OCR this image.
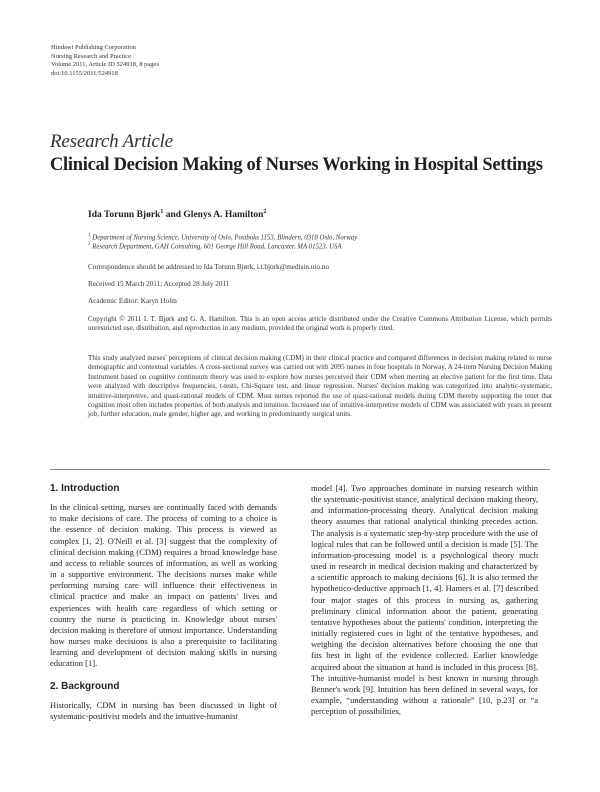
Hindawi Publishing Corporation
Nursing Research and Practice
Volume 2011, Article ID 524918, 8 pages
doi:10.1155/2011/524918
Research Article
Clinical Decision Making of Nurses Working in Hospital Settings
Ida Torunn Bjørk$^1$ and Glenys A. Hamilton$^2$
$^1$ Department of Nursing Science, University of Oslo, Postboks 1153, Blindern, 0318 Oslo, Norway
$^2$ Research Department, GAH Consulting, 601 George Hill Road, Lancaster, MA 01523, USA
Correspondence should be addressed to Ida Torunn Bjørk, i.t.bjork@medisin.uio.no
Received 15 March 2011; Accepted 28 July 2011
Academic Editor: Karyn Holm
Copyright © 2011 I. T. Bjørk and G. A. Hamilton. This is an open access article distributed under the Creative Commons Attribution License, which permits unrestricted use, distribution, and reproduction in any medium, provided the original work is properly cited.
This study analyzed nurses' perceptions of clinical decision making (CDM) in their clinical practice and compared differences in decision making related to nurse demographic and contextual variables. A cross-sectional survey was carried out with 2095 nurses in four hospitals in Norway. A 24-item Nursing Decision Making Instrument based on cognitive continuum theory was used to explore how nurses perceived their CDM when meeting an elective patient for the first time. Data were analyzed with descriptive frequencies, t-tests, Chi-Square test, and linear regression. Nurses' decision making was categorized into analytic-systematic, intuitive-interpretive, and quasi-rational models of CDM. Most nurses reported the use of quasi-rational models during CDM thereby supporting the tenet that cognition most often includes properties of both analysis and intuition. Increased use of intuitive-interpretive models of CDM was associated with years in present job, further education, male gender, higher age, and working in predominantly surgical units.
1. Introduction

In the clinical setting, nurses are continually faced with demands to make decisions of care. The process of coming to a choice is the essence of decision making. This process is viewed as complex [1, 2]. O'Neill et al. [3] suggest that the complexity of clinical decision making (CDM) requires a broad knowledge base and access to reliable sources of information, as well as working in a supportive environment. The decisions nurses make while performing nursing care will influence their effectiveness in clinical practice and make an impact on patients' lives and experiences with health care regardless of which setting or country the nurse is practicing in. Knowledge about nurses' decision making is therefore of utmost importance. Understanding how nurses make decisions is also a prerequisite to facilitating learning and development of decision making skills in nursing education [1].

2. Background

Historically, CDM in nursing has been discussed in light of systematic-positivist models and the intuitive-humanist

model [4]. Two approaches dominate in nursing research within the systematic-positivist stance, analytical decision making theory, and information-processing theory. Analytical decision making theory assumes that rational analytical thinking precedes action. The analysis is a systematic step-by-step procedure with the use of logical rules that can be followed until a decision is made [5]. The information-processing model is a psychological theory much used in research in medical decision making and characterized by a scientific approach to making decisions [6]. It is also termed the hypothetico-deductive approach [1, 4]. Hamers et al. [7] described four major stages of this process in nursing as, gathering preliminary clinical information about the patient, generating tentative hypotheses about the patients' condition, interpreting the initially registered cues in light of the tentative hypotheses, and weighing the decision alternatives before choosing the one that fits best in light of the evidence collected. Earlier knowledge acquired about the situation at hand is included in this process [8]. The intuitive-humanist model is best known in nursing through Benner's work [9]. Intuition has been defined in several ways, for example, “understanding without a rationale” [10, p.23] or “a perception of possibilities,
